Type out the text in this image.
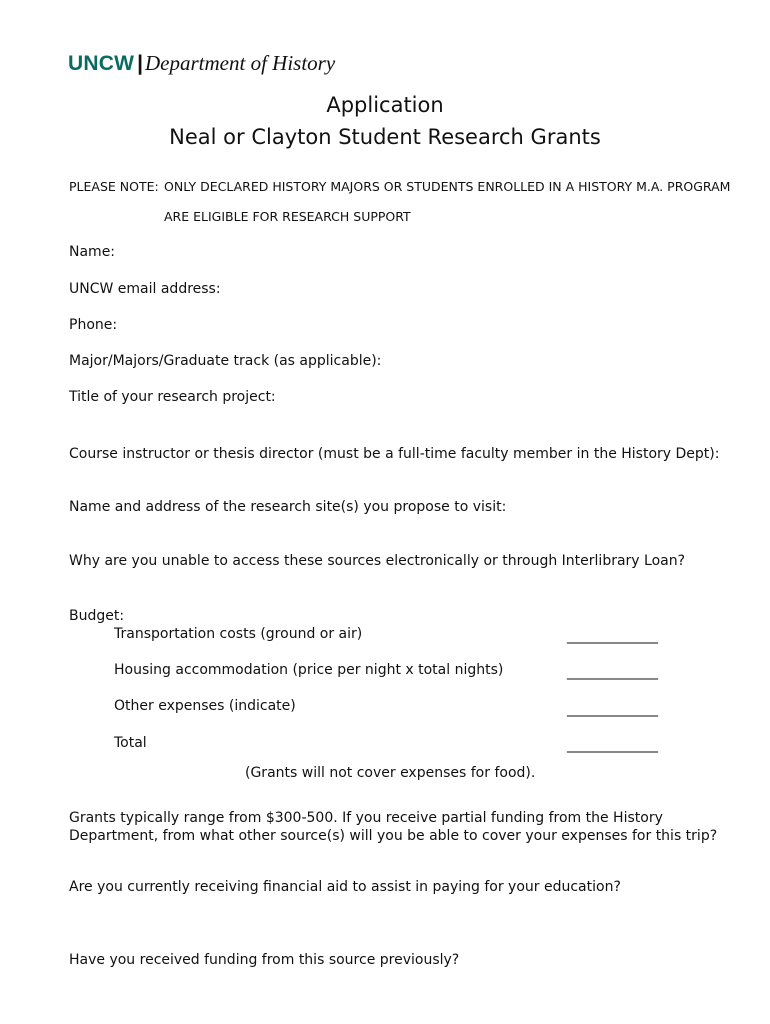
UNCW |Department of History
Application
Neal or Clayton Student Research Grants
PLEASE NOTE: ONLY DECLARED HISTORY MAJORS OR STUDENTS ENROLLED IN A HISTORY M.A. PROGRAM
ARE ELIGIBLE FOR RESEARCH SUPPORT
Name:
UNCW email address:
Phone:
Major/Majors/Graduate track (as applicable):
Title of your research project:
Course instructor or thesis director (must be a full-time faculty member in the History Dept):
Name and address of the research site(s) you propose to visit:
Why are you unable to access these sources electronically or through Interlibrary Loan?
Budget:
Transportation costs (ground or air)	_______________
Housing accommodation (price per night x total nights)	_______________
Other expenses (indicate)	_______________
Total	_______________
(Grants will not cover expenses for food).
Grants typically range from $300-500. If you receive partial funding from the History
Department, from what other source(s) will you be able to cover your expenses for this trip?
Are you currently receiving financial aid to assist in paying for your education?
Have you received funding from this source previously?
